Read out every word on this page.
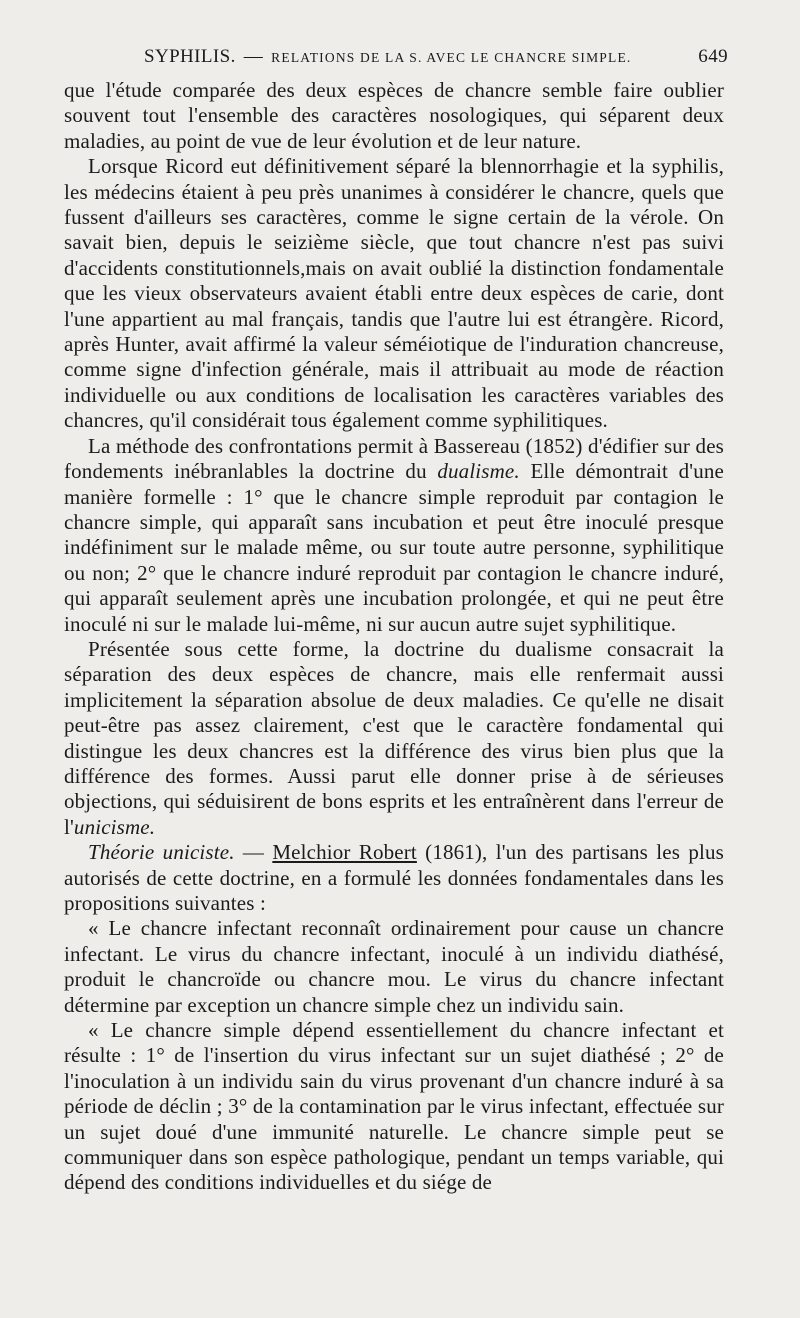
SYPHILIS. — RELATIONS DE LA S. AVEC LE CHANCRE SIMPLE.	649

que l'étude comparée des deux espèces de chancre semble faire oublier souvent tout l'ensemble des caractères nosologiques, qui séparent deux maladies, au point de vue de leur évolution et de leur nature.

Lorsque Ricord eut définitivement séparé la blennorrhagie et la syphilis, les médecins étaient à peu près unanimes à considérer le chancre, quels que fussent d'ailleurs ses caractères, comme le signe certain de la vérole. On savait bien, depuis le seizième siècle, que tout chancre n'est pas suivi d'accidents constitutionnels,mais on avait oublié la distinction fondamentale que les vieux observateurs avaient établi entre deux espèces de carie, dont l'une appartient au mal français, tandis que l'autre lui est étrangère. Ricord, après Hunter, avait affirmé la valeur séméiotique de l'induration chancreuse, comme signe d'infection générale, mais il attribuait au mode de réaction individuelle ou aux conditions de localisation les caractères variables des chancres, qu'il considérait tous également comme syphilitiques.

La méthode des confrontations permit à Bassereau (1852) d'édifier sur des fondements inébranlables la doctrine du dualisme. Elle démontrait d'une manière formelle : 1° que le chancre simple reproduit par contagion le chancre simple, qui apparaît sans incubation et peut être inoculé presque indéfiniment sur le malade même, ou sur toute autre personne, syphilitique ou non; 2° que le chancre induré reproduit par contagion le chancre induré, qui apparaît seulement après une incubation prolongée, et qui ne peut être inoculé ni sur le malade lui-même, ni sur aucun autre sujet syphilitique.

Présentée sous cette forme, la doctrine du dualisme consacrait la séparation des deux espèces de chancre, mais elle renfermait aussi implicitement la séparation absolue de deux maladies. Ce qu'elle ne disait peut-être pas assez clairement, c'est que le caractère fondamental qui distingue les deux chancres est la différence des virus bien plus que la différence des formes. Aussi parut elle donner prise à de sérieuses objections, qui séduisirent de bons esprits et les entraînèrent dans l'erreur de l'unicisme.

Théorie uniciste. — Melchior Robert (1861), l'un des partisans les plus autorisés de cette doctrine, en a formulé les données fondamentales dans les propositions suivantes :

« Le chancre infectant reconnaît ordinairement pour cause un chancre infectant. Le virus du chancre infectant, inoculé à un individu diathésé, produit le chancroïde ou chancre mou. Le virus du chancre infectant détermine par exception un chancre simple chez un individu sain.

« Le chancre simple dépend essentiellement du chancre infectant et résulte : 1° de l'insertion du virus infectant sur un sujet diathésé ; 2° de l'inoculation à un individu sain du virus provenant d'un chancre induré à sa période de déclin ; 3° de la contamination par le virus infectant, effectuée sur un sujet doué d'une immunité naturelle. Le chancre simple peut se communiquer dans son espèce pathologique, pendant un temps variable, qui dépend des conditions individuelles et du siége de
